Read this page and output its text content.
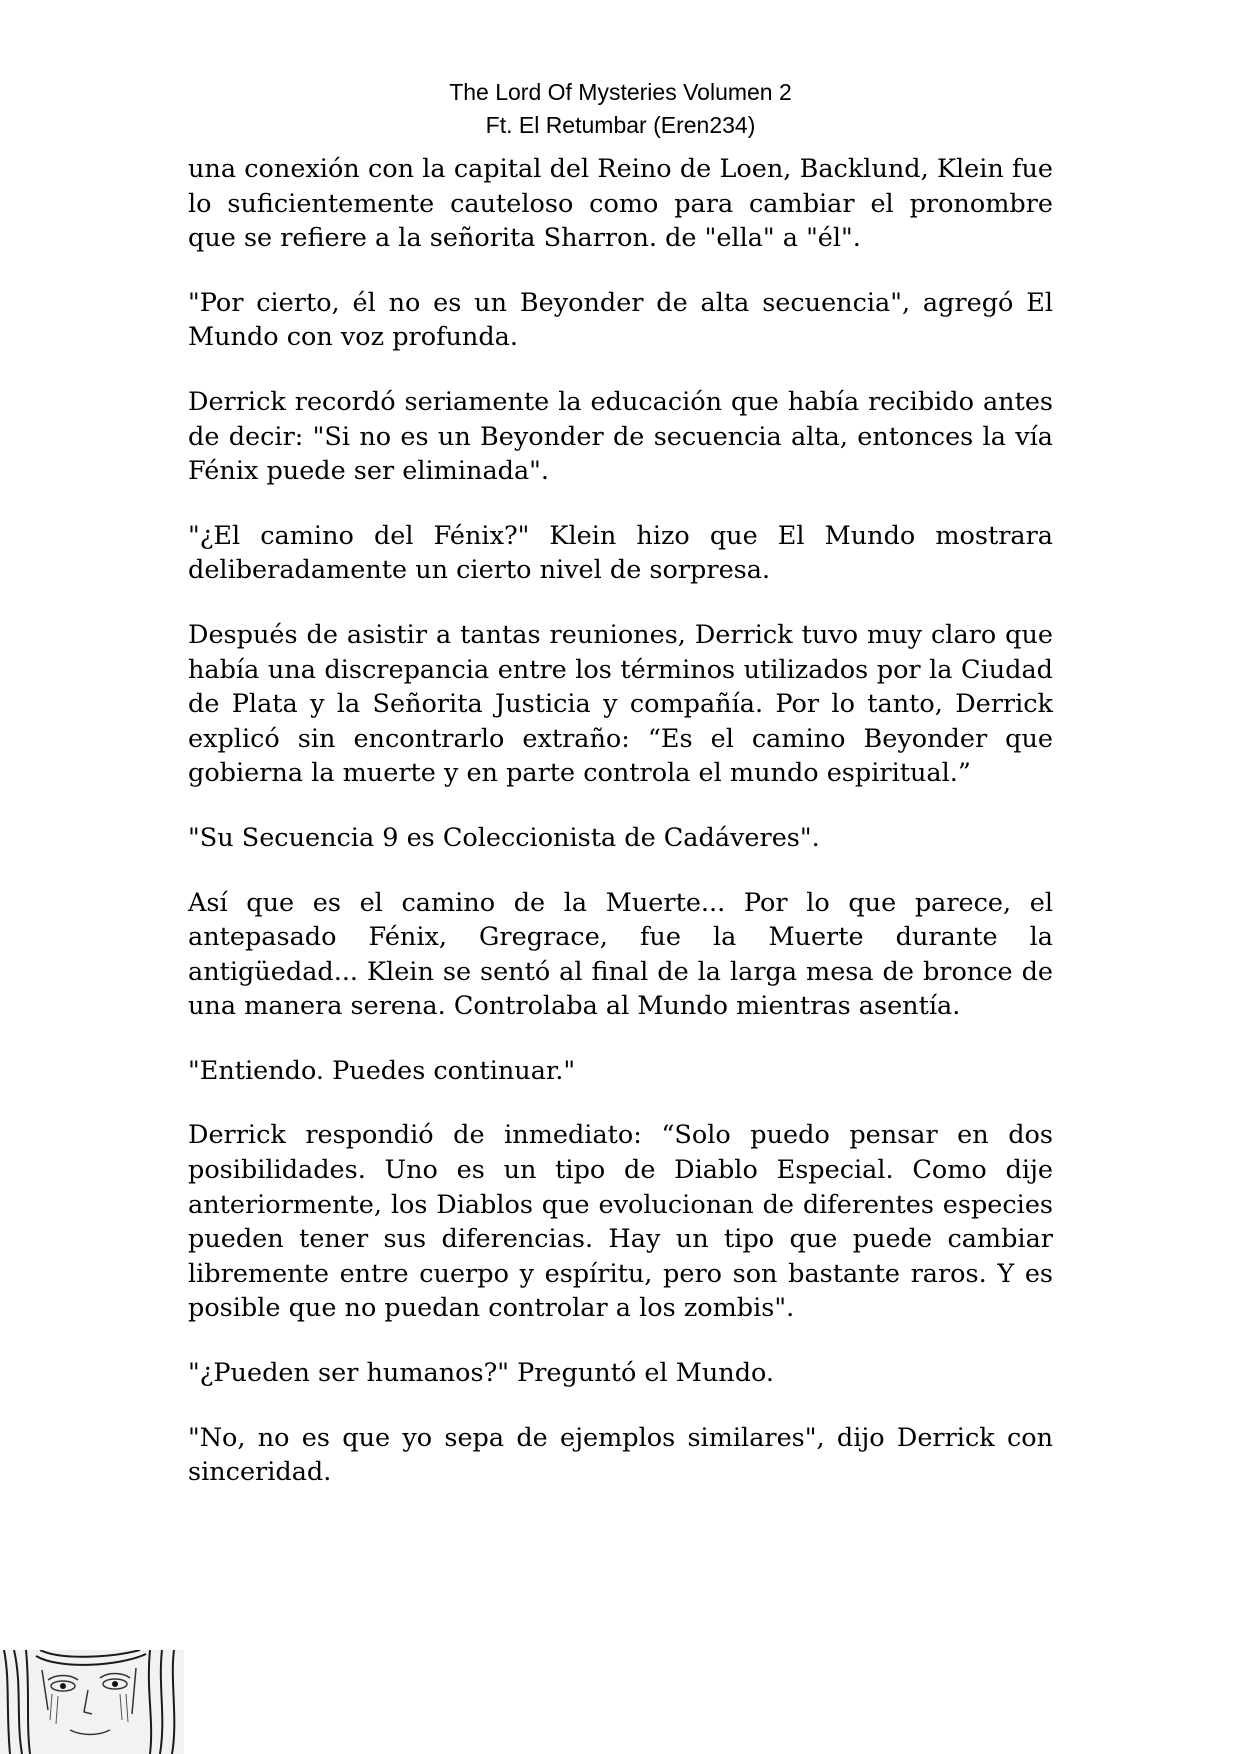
The Lord Of Mysteries Volumen 2
Ft. El Retumbar (Eren234)

una conexión con la capital del Reino de Loen, Backlund, Klein fue lo suficientemente cauteloso como para cambiar el pronombre que se refiere a la señorita Sharron. de "ella" a "él".

"Por cierto, él no es un Beyonder de alta secuencia", agregó El Mundo con voz profunda.

Derrick recordó seriamente la educación que había recibido antes de decir: "Si no es un Beyonder de secuencia alta, entonces la vía Fénix puede ser eliminada".

"¿El camino del Fénix?" Klein hizo que El Mundo mostrara deliberadamente un cierto nivel de sorpresa.

Después de asistir a tantas reuniones, Derrick tuvo muy claro que había una discrepancia entre los términos utilizados por la Ciudad de Plata y la Señorita Justicia y compañía. Por lo tanto, Derrick explicó sin encontrarlo extraño: “Es el camino Beyonder que gobierna la muerte y en parte controla el mundo espiritual.”

"Su Secuencia 9 es Coleccionista de Cadáveres".

Así que es el camino de la Muerte... Por lo que parece, el antepasado Fénix, Gregrace, fue la Muerte durante la antigüedad... Klein se sentó al final de la larga mesa de bronce de una manera serena. Controlaba al Mundo mientras asentía.

"Entiendo. Puedes continuar."

Derrick respondió de inmediato: “Solo puedo pensar en dos posibilidades. Uno es un tipo de Diablo Especial. Como dije anteriormente, los Diablos que evolucionan de diferentes especies pueden tener sus diferencias. Hay un tipo que puede cambiar libremente entre cuerpo y espíritu, pero son bastante raros. Y es posible que no puedan controlar a los zombis".

"¿Pueden ser humanos?" Preguntó el Mundo.

"No, no es que yo sepa de ejemplos similares", dijo Derrick con sinceridad.
